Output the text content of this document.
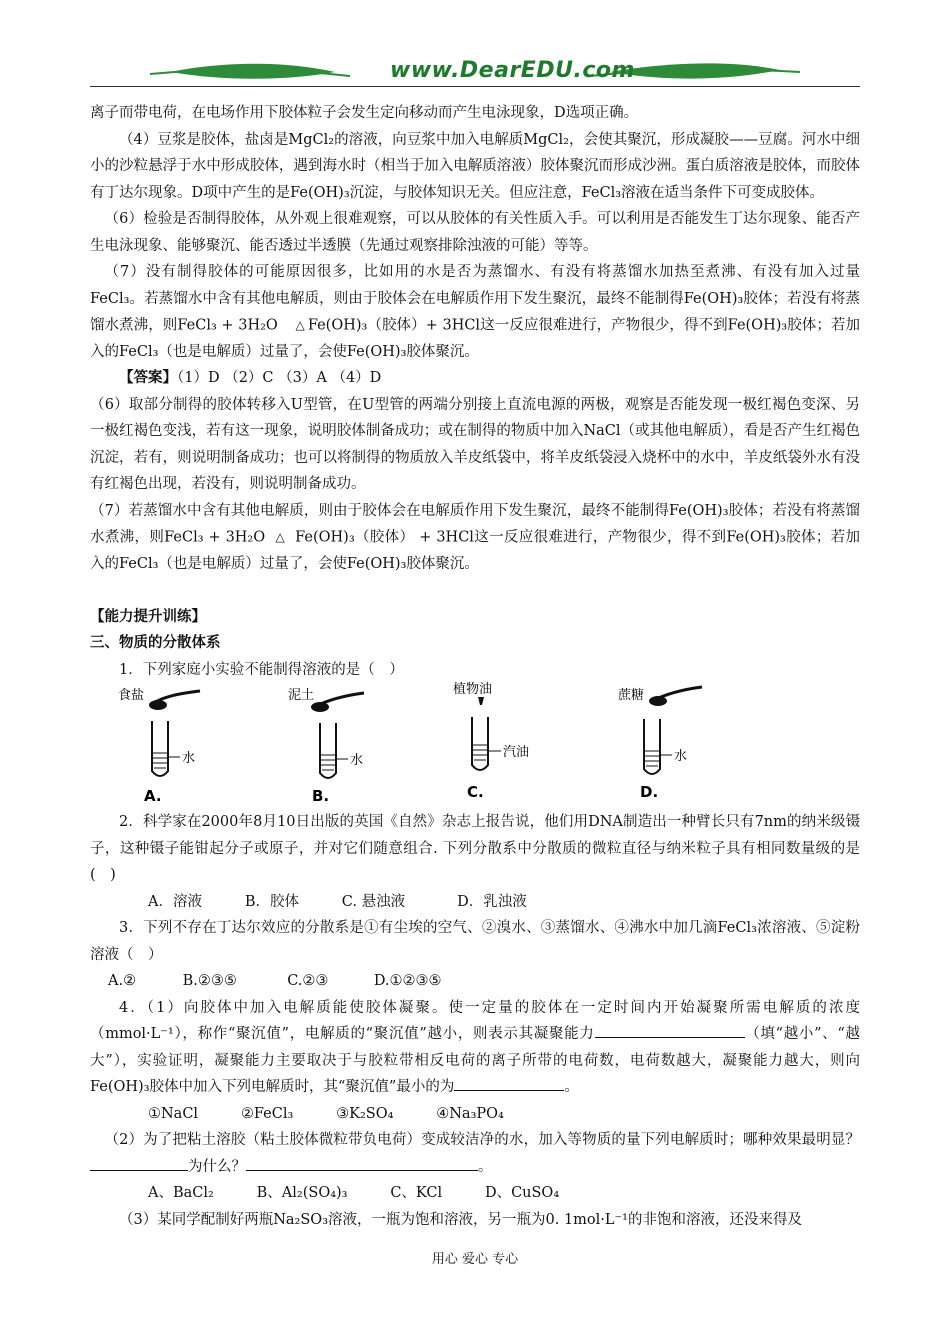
www.DearEDU.com

离子而带电荷，在电场作用下胶体粒子会发生定向移动而产生电泳现象，D选项正确。

（4）豆浆是胶体，盐卤是MgCl₂的溶液，向豆浆中加入电解质MgCl₂，会使其聚沉，形成凝胶——豆腐。河水中细小的沙粒悬浮于水中形成胶体，遇到海水时（相当于加入电解质溶液）胶体聚沉而形成沙洲。蛋白质溶液是胶体，而胶体有丁达尔现象。D项中产生的是Fe(OH)₃沉淀，与胶体知识无关。但应注意，FeCl₃溶液在适当条件下可变成胶体。

（6）检验是否制得胶体，从外观上很难观察，可以从胶体的有关性质入手。可以利用是否能发生丁达尔现象、能否产生电泳现象、能够聚沉、能否透过半透膜（先通过观察排除浊液的可能）等等。

（7）没有制得胶体的可能原因很多，比如用的水是否为蒸馏水、有没有将蒸馏水加热至煮沸、有没有加入过量FeCl₃。若蒸馏水中含有其他电解质，则由于胶体会在电解质作用下发生聚沉，最终不能制得Fe(OH)₃胶体；若没有将蒸馏水煮沸，则FeCl₃ + 3H₂O △ Fe(OH)₃（胶体）+ 3HCl这一反应很难进行，产物很少，得不到Fe(OH)₃胶体；若加入的FeCl₃（也是电解质）过量了，会使Fe(OH)₃胶体聚沉。

【答案】（1）D （2）C （3）A （4）D

（6）取部分制得的胶体转移入U型管，在U型管的两端分别接上直流电源的两极，观察是否能发现一极红褐色变深、另一极红褐色变浅，若有这一现象，说明胶体制备成功；或在制得的物质中加入NaCl（或其他电解质），看是否产生红褐色沉淀，若有，则说明制备成功；也可以将制得的物质放入羊皮纸袋中，将羊皮纸袋浸入烧杯中的水中，羊皮纸袋外水有没有红褐色出现，若没有，则说明制备成功。

（7）若蒸馏水中含有其他电解质，则由于胶体会在电解质作用下发生聚沉，最终不能制得Fe(OH)₃胶体；若没有将蒸馏水煮沸，则FeCl₃ + 3H₂O △ Fe(OH)₃（胶体） + 3HCl这一反应很难进行，产物很少，得不到Fe(OH)₃胶体；若加入的FeCl₃（也是电解质）过量了，会使Fe(OH)₃胶体聚沉。

【能力提升训练】

三、物质的分散体系

1．下列家庭小实验不能制得溶液的是（　）

食盐
水
A.
泥土
水
B.
植物油
汽油
C.
蔗糖
水
D.

2．科学家在2000年8月10日出版的英国《自然》杂志上报告说，他们用DNA制造出一种臂长只有7nm的纳米级镊子，这种镊子能钳起分子或原子，并对它们随意组合. 下列分散系中分散质的微粒直径与纳米粒子具有相同数量级的是(　)

A．溶液	B．胶体	C. 悬浊液	D．乳浊液

3．下列不存在丁达尔效应的分散系是①有尘埃的空气、②溴水、③蒸馏水、④沸水中加几滴FeCl₃浓溶液、⑤淀粉溶液（　）

A.②	B.②③⑤	C.②③	D.①②③⑤

4．（1）向胶体中加入电解质能使胶体凝聚。使一定量的胶体在一定时间内开始凝聚所需电解质的浓度（mmol·L⁻¹），称作“聚沉值”，电解质的“聚沉值”越小，则表示其凝聚能力	（填“越小”、“越大”），实验证明，凝聚能力主要取决于与胶粒带相反电荷的离子所带的电荷数，电荷数越大，凝聚能力越大，则向Fe(OH)₃胶体中加入下列电解质时，其“聚沉值”最小的为	。

①NaCl	②FeCl₃	③K₂SO₄	④Na₃PO₄

（2）为了把粘土溶胶（粘土胶体微粒带负电荷）变成较洁净的水，加入等物质的量下列电解质时；哪种效果最明显？为什么？	。

A、BaCl₂	B、Al₂(SO₄)₃	C、KCl	D、CuSO₄

（3）某同学配制好两瓶Na₂SO₃溶液，一瓶为饱和溶液，另一瓶为0. 1mol·L⁻¹的非饱和溶液，还没来得及

用心 爱心 专心
